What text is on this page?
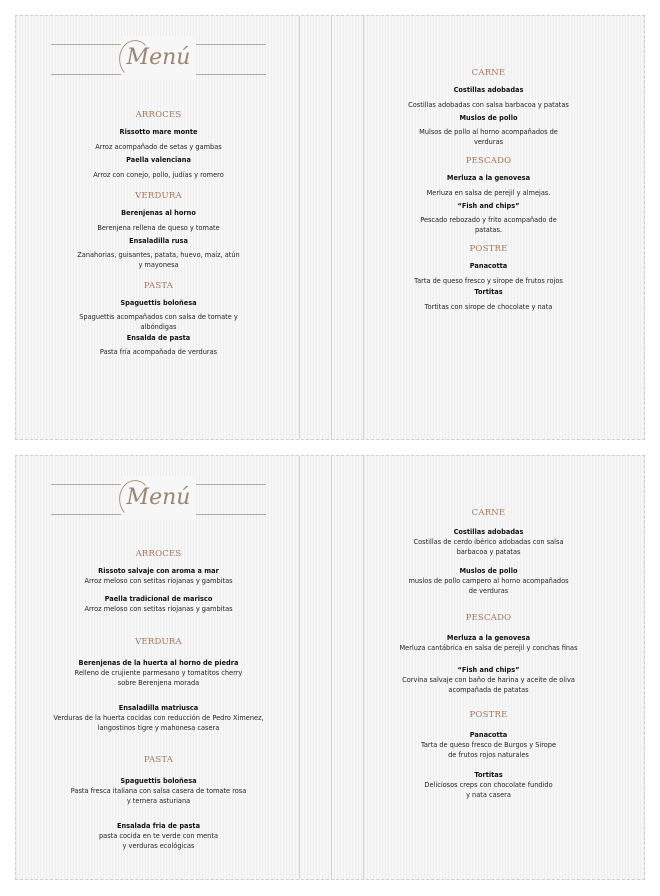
Menú
ARROCES
Rissotto mare monte
Arroz acompañado de setas y gambas
Paella valenciana
Arroz con conejo, pollo, judías y romero
VERDURA
Berenjenas al horno
Berenjena rellena de queso y tomate
Ensaladilla rusa
Zanahorias, guisantes, patata, huevo, maíz, atún
y mayonesa
PASTA
Spaguettis boloñesa
Spaguettis acompañados con salsa de tomate y
albóndigas
Ensalda de pasta
Pasta fría acompañada de verduras
CARNE
Costillas adobadas
Costillas adobadas con salsa barbacoa y patatas
Muslos de pollo
Mulsos de pollo al horno acompañados de
verduras
PESCADO
Merluza a la genovesa
Merluza en salsa de perejil y almejas.
“Fish and chips”
Pescado rebozado y frito acompañado de
patatas.
POSTRE
Panacotta
Tarta de queso fresco y sirope de frutos rojos
Tortitas
Tortitas con sirope de chocolate y nata
Menú
ARROCES
Rissoto salvaje con aroma a mar
Arroz meloso con setitas riojanas y gambitas
Paella tradicional de marisco
Arroz meloso con setitas riojanas y gambitas
VERDURA
Berenjenas de la huerta al horno de piedra
Relleno de crujiente parmesano y tomatitos cherry
sobre Berenjena morada
Ensaladilla matriusca
Verduras de la huerta cocidas con reducción de Pedro Ximenez,
langostinos tigre y mahonesa casera
PASTA
Spaguettis boloñesa
Pasta fresca italiana con salsa casera de tomate rosa
y ternera asturiana
Ensalada fria de pasta
pasta cocida en te verde con menta
y verduras ecológicas
CARNE
Costillas adobadas
Costillas de cerdo ibérico adobadas con salsa
barbacoa y patatas
Muslos de pollo
muslos de pollo campero al horno acompañados
de verduras
PESCADO
Merluza a la genovesa
Merluza cantábrica en salsa de perejil y conchas finas
“Fish and chips”
Corvina salvaje con baño de harina y aceite de oliva
acompañada de patatas
POSTRE
Panacotta
Tarta de queso fresco de Burgos y Sirope
de frutos rojos naturales
Tortitas
Deliciosos creps con chocolate fundido
y nata casera
